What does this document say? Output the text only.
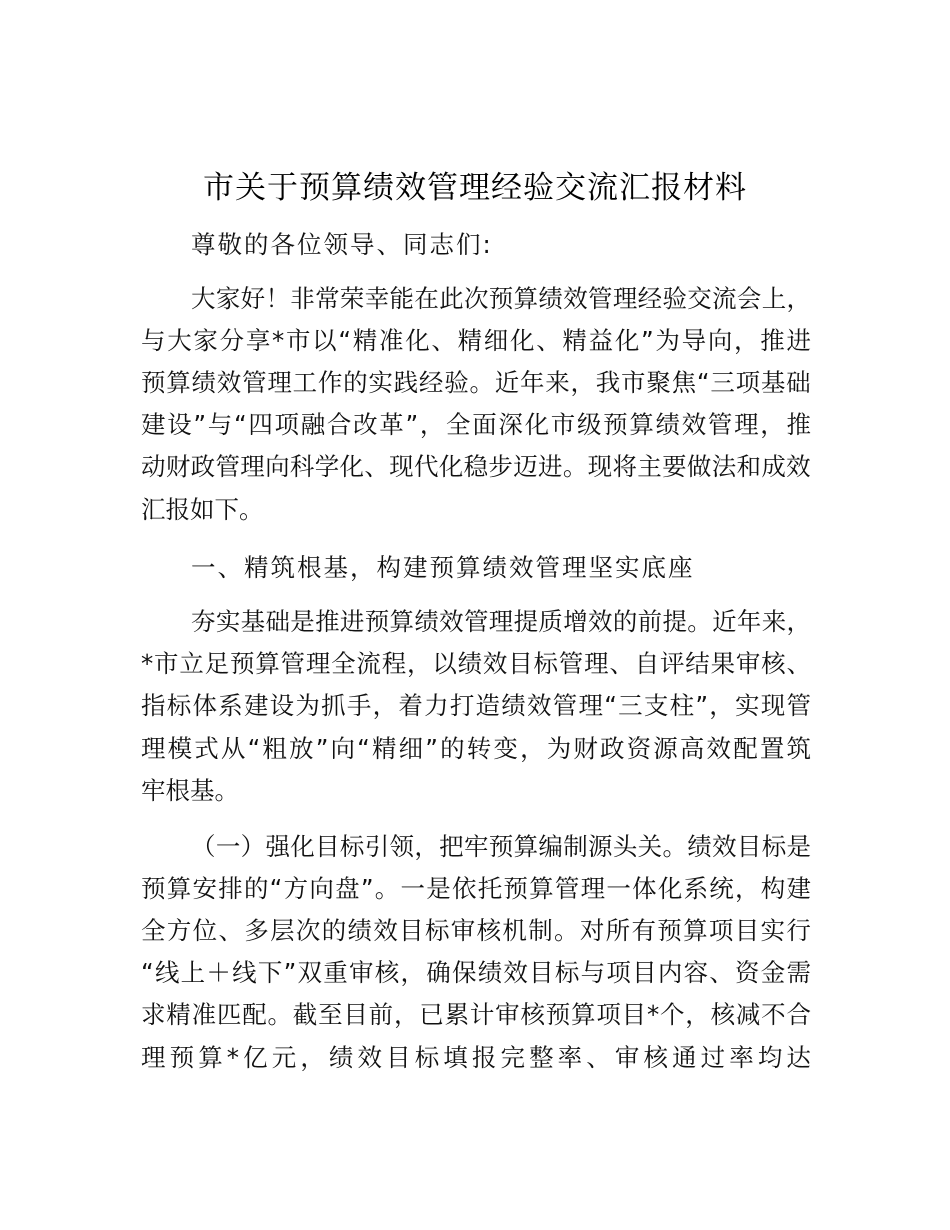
市关于预算绩效管理经验交流汇报材料
尊敬的各位领导、同志们:
大 家 好 ！ 非 常 荣 幸 能 在 此 次 预 算 绩 效 管 理 经 验 交 流 会 上 ，
与 大 家 分 享 * 市 以 “ 精 准 化 、 精 细 化 、 精 益 化 ” 为 导 向 ， 推 进
预 算 绩 效 管 理 工 作 的 实 践 经 验 。 近 年 来 ， 我 市 聚 焦 “ 三 项 基 础
建 设 ” 与 “ 四 项 融 合 改 革 ” ， 全 面 深 化 市 级 预 算 绩 效 管 理 ， 推
动 财 政 管 理 向 科 学 化 、 现 代 化 稳 步 迈 进 。 现 将 主 要 做 法 和 成 效
汇报如下。
一、精筑根基，构建预算绩效管理坚实底座
夯 实 基 础 是 推 进 预 算 绩 效 管 理 提 质 增 效 的 前 提 。 近 年 来 ，
* 市 立 足 预 算 管 理 全 流 程 ， 以 绩 效 目 标 管 理 、 自 评 结 果 审 核 、
指 标 体 系 建 设 为 抓 手 ， 着 力 打 造 绩 效 管 理 “ 三 支 柱 ” ， 实 现 管
理 模 式 从 “ 粗 放 ” 向 “ 精 细 ” 的 转 变 ， 为 财 政 资 源 高 效 配 置 筑
牢根基。
（ 一 ） 强 化 目 标 引 领 ， 把 牢 预 算 编 制 源 头 关 。 绩 效 目 标 是
预 算 安 排 的 “ 方 向 盘 ” 。 一 是 依 托 预 算 管 理 一 体 化 系 统 ， 构 建
全 方 位 、 多 层 次 的 绩 效 目 标 审 核 机 制 。 对 所 有 预 算 项 目 实 行
“ 线 上 ＋ 线 下 ” 双 重 审 核 ， 确 保 绩 效 目 标 与 项 目 内 容 、 资 金 需
求 精 准 匹 配 。 截 至 目 前 ， 已 累 计 审 核 预 算 项 目 * 个 ， 核 减 不 合
理 预 算 * 亿 元 ， 绩 效 目 标 填 报 完 整 率 、 审 核 通 过 率 均 达
